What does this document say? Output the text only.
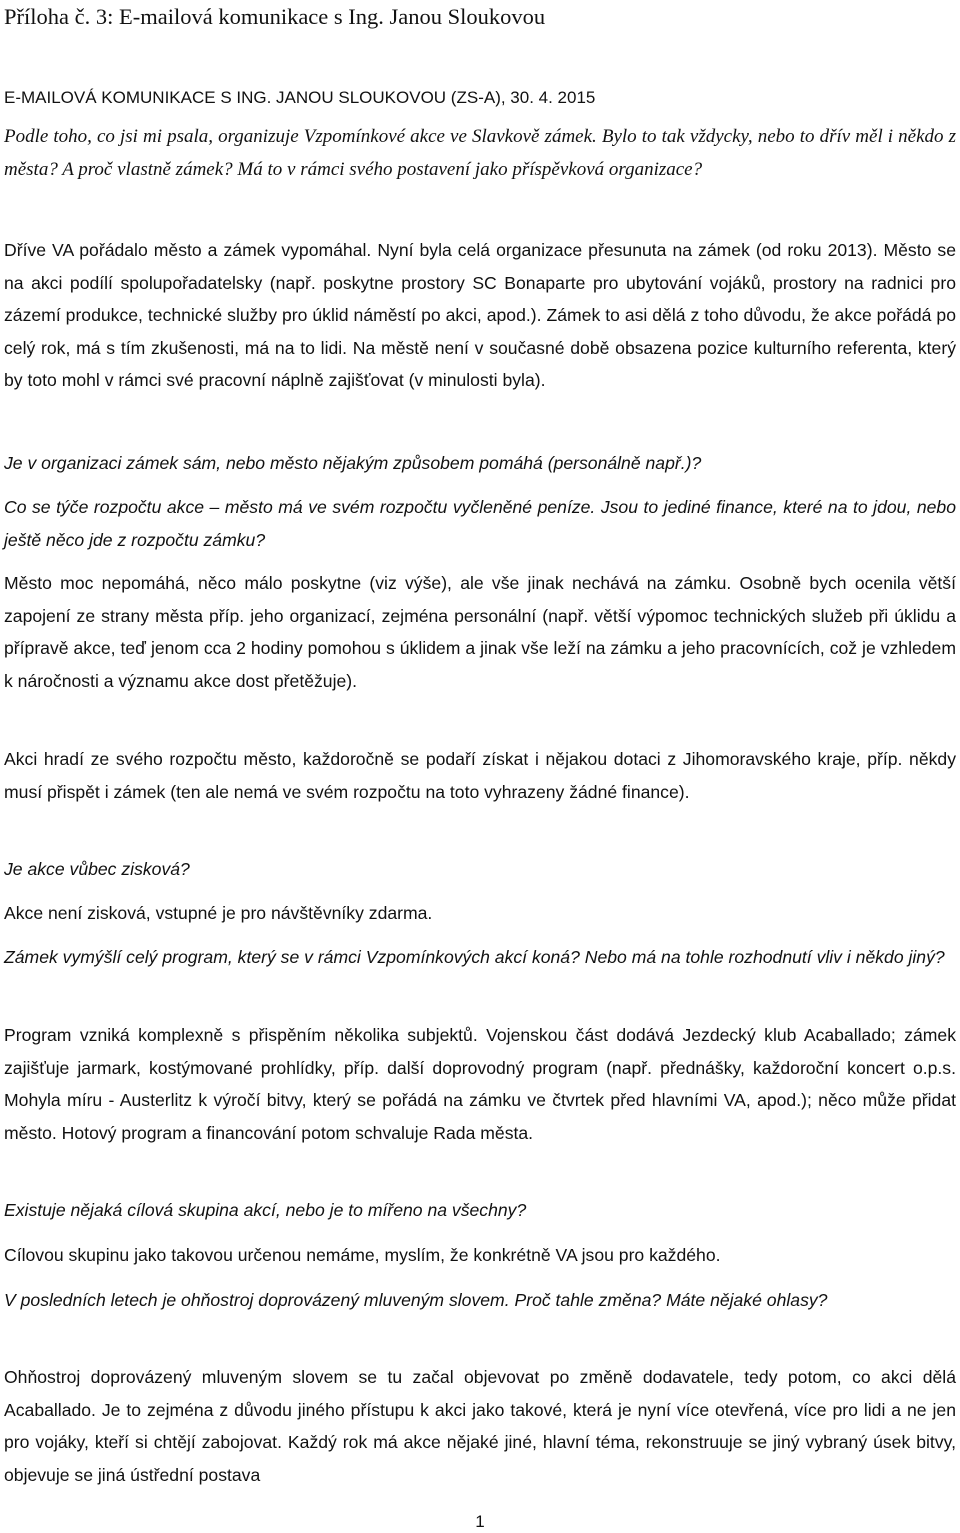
Příloha č. 3: E-mailová komunikace s Ing. Janou Sloukovou
E-MAILOVÁ KOMUNIKACE S ING. JANOU SLOUKOVOU (ZS-A), 30. 4. 2015

Podle toho, co jsi mi psala, organizuje Vzpomínkové akce ve Slavkově zámek. Bylo to tak vždycky, nebo to dřív měl i někdo z města? A proč vlastně zámek? Má to v rámci svého postavení jako příspěvková organizace?

Dříve VA pořádalo město a zámek vypomáhal. Nyní byla celá organizace přesunuta na zámek (od roku 2013). Město se na akci podílí spolupořadatelsky (např. poskytne prostory SC Bonaparte pro ubytování vojáků, prostory na radnici pro zázemí produkce, technické služby pro úklid náměstí po akci, apod.). Zámek to asi dělá z toho důvodu, že akce pořádá po celý rok, má s tím zkušenosti, má na to lidi. Na městě není v současné době obsazena pozice kulturního referenta, který by toto mohl v rámci své pracovní náplně zajišťovat (v minulosti byla).

Je v organizaci zámek sám, nebo město nějakým způsobem pomáhá (personálně např.)?

Co se týče rozpočtu akce – město má ve svém rozpočtu vyčleněné peníze. Jsou to jediné finance, které na to jdou, nebo ještě něco jde z rozpočtu zámku?

Město moc nepomáhá, něco málo poskytne (viz výše), ale vše jinak nechává na zámku. Osobně bych ocenila větší zapojení ze strany města příp. jeho organizací, zejména personální (např. větší výpomoc technických služeb při úklidu a přípravě akce, teď jenom cca 2 hodiny pomohou s úklidem a jinak vše leží na zámku a jeho pracovnících, což je vzhledem k náročnosti a významu akce dost přetěžuje).

Akci hradí ze svého rozpočtu město, každoročně se podaří získat i nějakou dotaci z Jihomoravského kraje, příp. někdy musí přispět i zámek (ten ale nemá ve svém rozpočtu na toto vyhrazeny žádné finance).

Je akce vůbec zisková?

Akce není zisková, vstupné je pro návštěvníky zdarma.

Zámek vymýšlí celý program, který se v rámci Vzpomínkových akcí koná? Nebo má na tohle rozhodnutí vliv i někdo jiný?

Program vzniká komplexně s přispěním několika subjektů. Vojenskou část dodává Jezdecký klub Acaballado; zámek zajišťuje jarmark, kostýmované prohlídky, příp. další doprovodný program (např. přednášky, každoroční koncert o.p.s. Mohyla míru - Austerlitz k výročí bitvy, který se pořádá na zámku ve čtvrtek před hlavními VA, apod.); něco může přidat město. Hotový program a financování potom schvaluje Rada města.

Existuje nějaká cílová skupina akcí, nebo je to mířeno na všechny?

Cílovou skupinu jako takovou určenou nemáme, myslím, že konkrétně VA jsou pro každého.

V posledních letech je ohňostroj doprovázený mluveným slovem. Proč tahle změna? Máte nějaké ohlasy?

Ohňostroj doprovázený mluveným slovem se tu začal objevovat po změně dodavatele, tedy potom, co akci dělá Acaballado. Je to zejména z důvodu jiného přístupu k akci jako takové, která je nyní více otevřená, více pro lidi a ne jen pro vojáky, kteří si chtějí zabojovat. Každý rok má akce nějaké jiné, hlavní téma, rekonstruuje se jiný vybraný úsek bitvy, objevuje se jiná ústřední postava

1
